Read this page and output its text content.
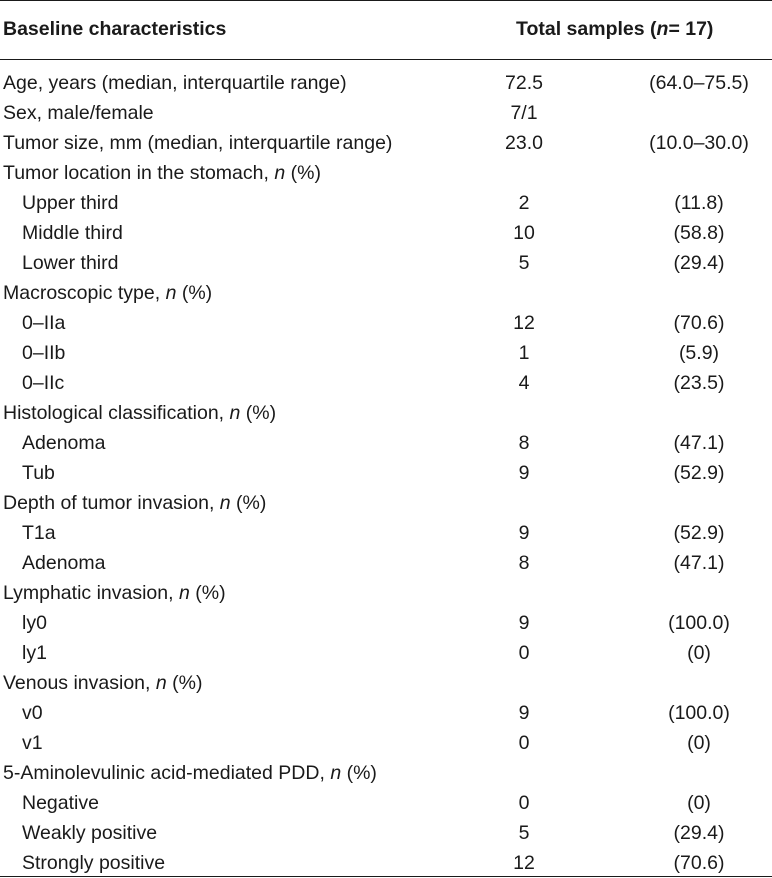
Baseline characteristics	Total samples ( n = 17)
Age, years (median, interquartile range)	72.5	(64.0–75.5)
Sex, male/female	7/1
Tumor size, mm (median, interquartile range)	23.0	(10.0–30.0)
Tumor location in the stomach, n (%)
Upper third	2	(11.8)
Middle third	10	(58.8)
Lower third	5	(29.4)
Macroscopic type, n (%)
0–IIa	12	(70.6)
0–IIb	1	(5.9)
0–IIc	4	(23.5)
Histological classification, n (%)
Adenoma	8	(47.1)
Tub	9	(52.9)
Depth of tumor invasion, n (%)
T1a	9	(52.9)
Adenoma	8	(47.1)
Lymphatic invasion, n (%)
ly0	9	(100.0)
ly1	0	(0)
Venous invasion, n (%)
v0	9	(100.0)
v1	0	(0)
5-Aminolevulinic acid-mediated PDD, n (%)
Negative	0	(0)
Weakly positive	5	(29.4)
Strongly positive	12	(70.6)
